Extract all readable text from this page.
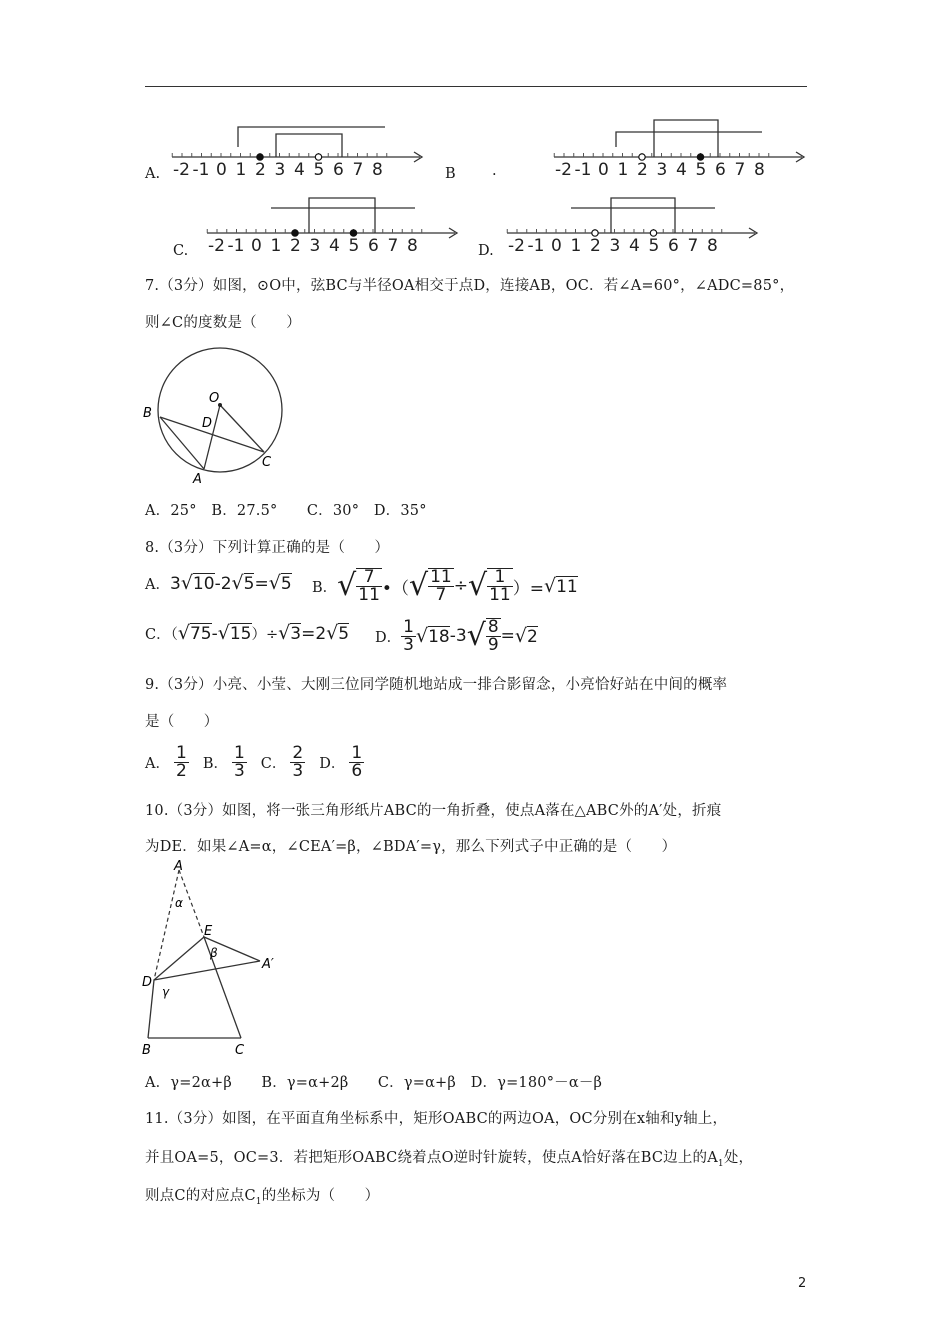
A. -2 -1 0 1 2 3 4 5 6 7 8	B	.	-2 -1 0 1 2 3 4 5 6 7 8
C. -2 -1 0 1 2 3 4 5 6 7 8	D. -2 -1 0 1 2 3 4 5 6 7 8
7.（3分）如图，⊙O中，弦BC与半径OA相交于点D，连接AB，OC．若∠A=60°，∠ADC=85°，
则∠C的度数是（　　）
O
B
D
A
C
A．25°　B．27.5°　　C．30°　D．35°
8.（3分）下列计算正确的是（　　）
A．3√10-2√5=√5 B． √ $\frac{7}{11}$ •（ √ $\frac{11}{7}$ ÷ √ $\frac{1}{11}$ ）= √ 11
C．（√75-√15）÷√3=2√5 D． $\frac{1}{3}$ √ 18 - 3 √ $\frac{8}{9}$ = √ 2
9.（3分）小亮、小莹、大刚三位同学随机地站成一排合影留念，小亮恰好站在中间的概率
是（　　）
A． $\frac{1}{2}$ B． $\frac{1}{3}$ C． $\frac{2}{3}$ D． $\frac{1}{6}$
10.（3分）如图，将一张三角形纸片ABC的一角折叠，使点A落在△ABC外的A′处，折痕
为DE．如果∠A=α，∠CEA′=β，∠BDA′=γ，那么下列式子中正确的是（　　）
A
α
E
β
A′
D
γ
B	C
A．γ=2α+β　　B．γ=α+2β　　C．γ=α+β　D．γ=180°－α－β
11.（3分）如图，在平面直角坐标系中，矩形OABC的两边OA，OC分别在x轴和y轴上，
并且OA=5，OC=3．若把矩形OABC绕着点O逆时针旋转，使点A恰好落在BC边上的$A_1$处，
则点C的对应点$C_1$的坐标为（　　）
2
